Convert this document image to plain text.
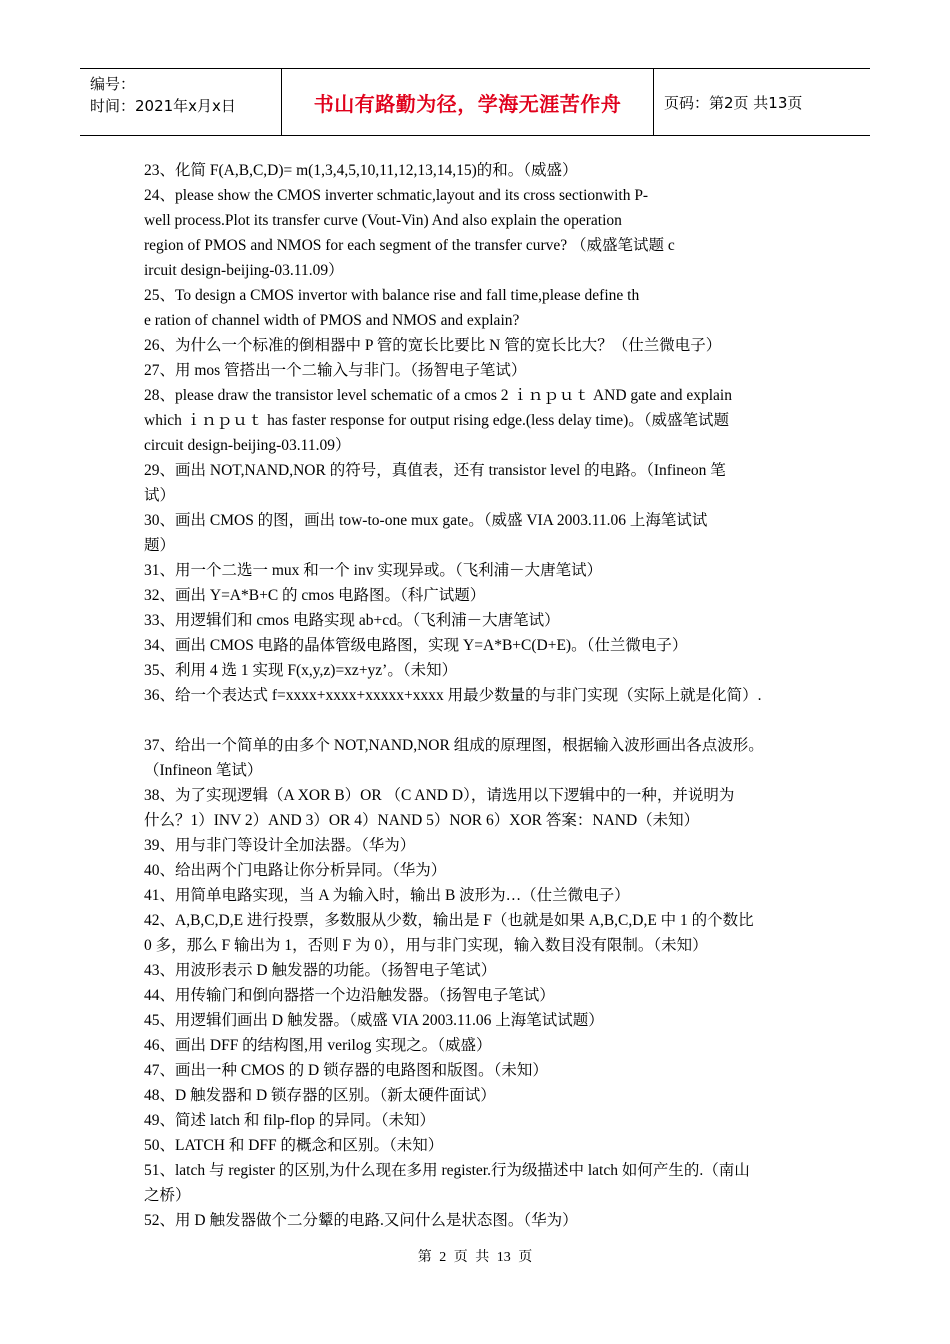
编号：
时间：2021年x月x日	书山有路勤为径，学海无涯苦作舟	页码：第2页 共13页
23、化简 F(A,B,C,D)= m(1,3,4,5,10,11,12,13,14,15)的和。（威盛）
24、please show the CMOS inverter schmatic,layout and its cross sectionwith P-
well process.Plot its transfer curve (Vout-Vin) And also explain the operation
region of PMOS and NMOS for each segment of the transfer curve? （威盛笔试题 c
ircuit design-beijing-03.11.09）
25、To design a CMOS invertor with balance rise and fall time,please define th
e ration of channel width of PMOS and NMOS and explain?
26、为什么一个标准的倒相器中 P 管的宽长比要比 N 管的宽长比大？（仕兰微电子）
27、用 mos 管搭出一个二输入与非门。（扬智电子笔试）
28、please draw the transistor level schematic of a cmos 2 ｉｎｐｕｔ AND gate and explain
which ｉｎｐｕｔ has faster response for output rising edge.(less delay time)。（威盛笔试题
circuit design-beijing-03.11.09）
29、画出 NOT,NAND,NOR 的符号，真值表，还有 transistor level 的电路。（Infineon 笔
试）
30、画出 CMOS 的图，画出 tow-to-one mux gate。（威盛 VIA 2003.11.06 上海笔试试
题）
31、用一个二选一 mux 和一个 inv 实现异或。（飞利浦－大唐笔试）
32、画出 Y=A*B+C 的 cmos 电路图。（科广试题）
33、用逻辑们和 cmos 电路实现 ab+cd。（飞利浦－大唐笔试）
34、画出 CMOS 电路的晶体管级电路图，实现 Y=A*B+C(D+E)。（仕兰微电子）
35、利用 4 选 1 实现 F(x,y,z)=xz+yz’。（未知）
36、给一个表达式 f=xxxx+xxxx+xxxxx+xxxx 用最少数量的与非门实现（实际上就是化简）.
37、给出一个简单的由多个 NOT,NAND,NOR 组成的原理图，根据输入波形画出各点波形。
（Infineon 笔试）
38、为了实现逻辑（A XOR B）OR （C AND D），请选用以下逻辑中的一种，并说明为
什么？1）INV 2）AND 3）OR 4）NAND 5）NOR 6）XOR 答案：NAND（未知）
39、用与非门等设计全加法器。（华为）
40、给出两个门电路让你分析异同。（华为）
41、用简单电路实现，当 A 为输入时，输出 B 波形为…（仕兰微电子）
42、A,B,C,D,E 进行投票，多数服从少数，输出是 F（也就是如果 A,B,C,D,E 中 1 的个数比
0 多，那么 F 输出为 1，否则 F 为 0），用与非门实现，输入数目没有限制。（未知）
43、用波形表示 D 触发器的功能。（扬智电子笔试）
44、用传输门和倒向器搭一个边沿触发器。（扬智电子笔试）
45、用逻辑们画出 D 触发器。（威盛 VIA 2003.11.06 上海笔试试题）
46、画出 DFF 的结构图,用 verilog 实现之。（威盛）
47、画出一种 CMOS 的 D 锁存器的电路图和版图。（未知）
48、D 触发器和 D 锁存器的区别。（新太硬件面试）
49、简述 latch 和 filp-flop 的异同。（未知）
50、LATCH 和 DFF 的概念和区别。（未知）
51、latch 与 register 的区别,为什么现在多用 register.行为级描述中 latch 如何产生的.（南山
之桥）
52、用 D 触发器做个二分颦的电路.又问什么是状态图。（华为）
第 2 页 共 13 页
